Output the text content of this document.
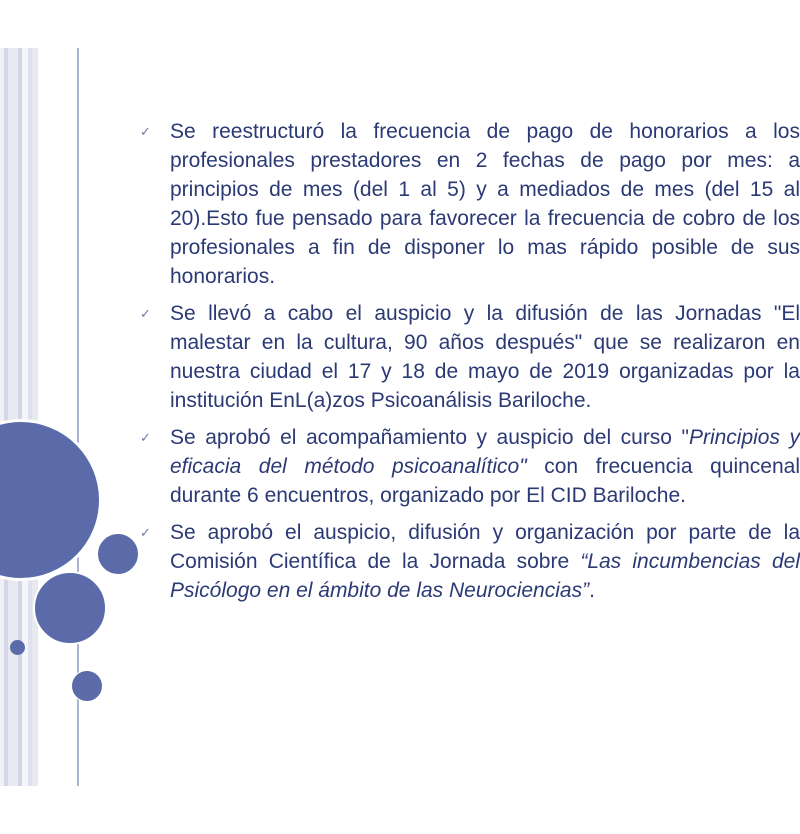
✓ Se reestructuró la frecuencia de pago de honorarios a los profesionales prestadores en 2 fechas de pago por mes: a principios de mes (del 1 al 5) y a mediados de mes (del 15 al 20).Esto fue pensado para favorecer la frecuencia de cobro de los profesionales a fin de disponer lo mas rápido posible de sus honorarios.
✓ Se llevó a cabo el auspicio y la difusión de las Jornadas "El malestar en la cultura, 90 años después" que se realizaron en nuestra ciudad el 17 y 18 de mayo de 2019 organizadas por la institución EnL(a)zos Psicoanálisis Bariloche.
✓ Se aprobó el acompañamiento y auspicio del curso "Principios y eficacia del método psicoanalítico" con frecuencia quincenal durante 6 encuentros, organizado por El CID Bariloche.
✓ Se aprobó el auspicio, difusión y organización por parte de la Comisión Científica de la Jornada sobre “Las incumbencias del Psicólogo en el ámbito de las Neurociencias”.
